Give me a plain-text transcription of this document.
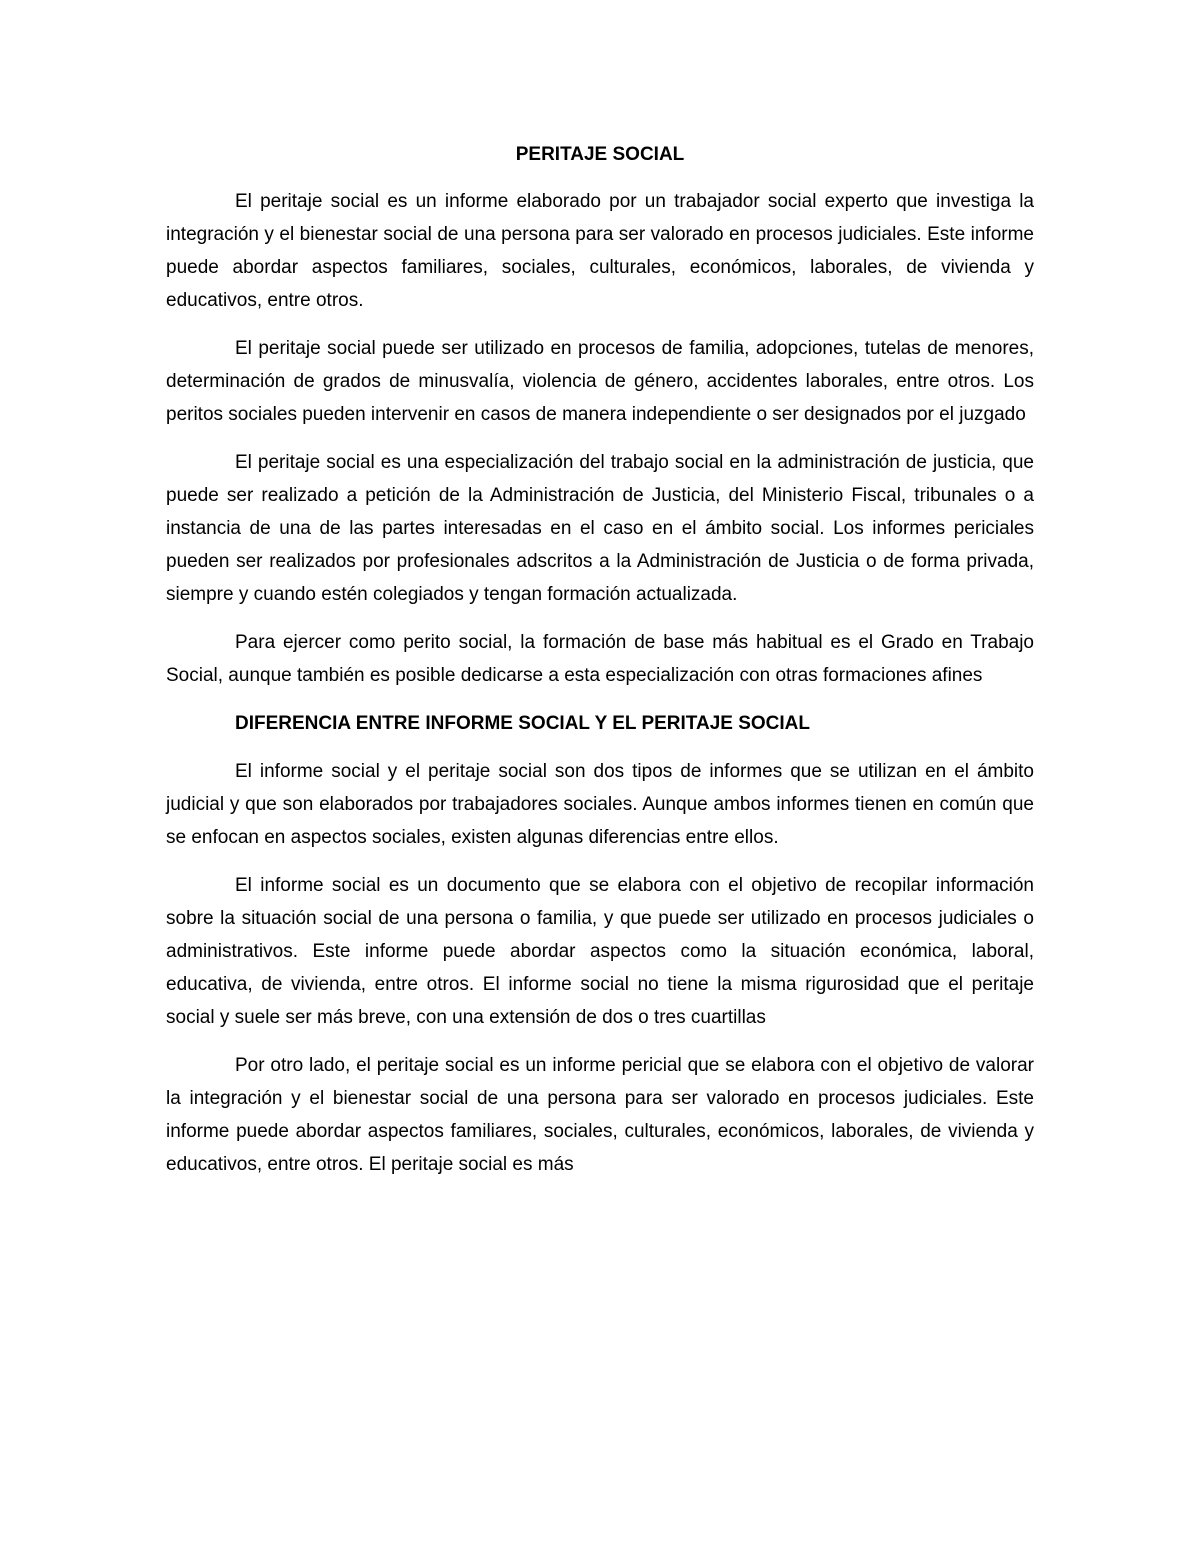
PERITAJE SOCIAL

El peritaje social es un informe elaborado por un trabajador social experto que investiga la integración y el bienestar social de una persona para ser valorado en procesos judiciales. Este informe puede abordar aspectos familiares, sociales, culturales, económicos, laborales, de vivienda y educativos, entre otros.

El peritaje social puede ser utilizado en procesos de familia, adopciones, tutelas de menores, determinación de grados de minusvalía, violencia de género, accidentes laborales, entre otros. Los peritos sociales pueden intervenir en casos de manera independiente o ser designados por el juzgado

El peritaje social es una especialización del trabajo social en la administración de justicia, que puede ser realizado a petición de la Administración de Justicia, del Ministerio Fiscal, tribunales o a instancia de una de las partes interesadas en el caso en el ámbito social. Los informes periciales pueden ser realizados por profesionales adscritos a la Administración de Justicia o de forma privada, siempre y cuando estén colegiados y tengan formación actualizada.

Para ejercer como perito social, la formación de base más habitual es el Grado en Trabajo Social, aunque también es posible dedicarse a esta especialización con otras formaciones afines

DIFERENCIA ENTRE INFORME SOCIAL Y EL PERITAJE SOCIAL

El informe social y el peritaje social son dos tipos de informes que se utilizan en el ámbito judicial y que son elaborados por trabajadores sociales. Aunque ambos informes tienen en común que se enfocan en aspectos sociales, existen algunas diferencias entre ellos.

El informe social es un documento que se elabora con el objetivo de recopilar información sobre la situación social de una persona o familia, y que puede ser utilizado en procesos judiciales o administrativos. Este informe puede abordar aspectos como la situación económica, laboral, educativa, de vivienda, entre otros. El informe social no tiene la misma rigurosidad que el peritaje social y suele ser más breve, con una extensión de dos o tres cuartillas

Por otro lado, el peritaje social es un informe pericial que se elabora con el objetivo de valorar la integración y el bienestar social de una persona para ser valorado en procesos judiciales. Este informe puede abordar aspectos familiares, sociales, culturales, económicos, laborales, de vivienda y educativos, entre otros. El peritaje social es más
